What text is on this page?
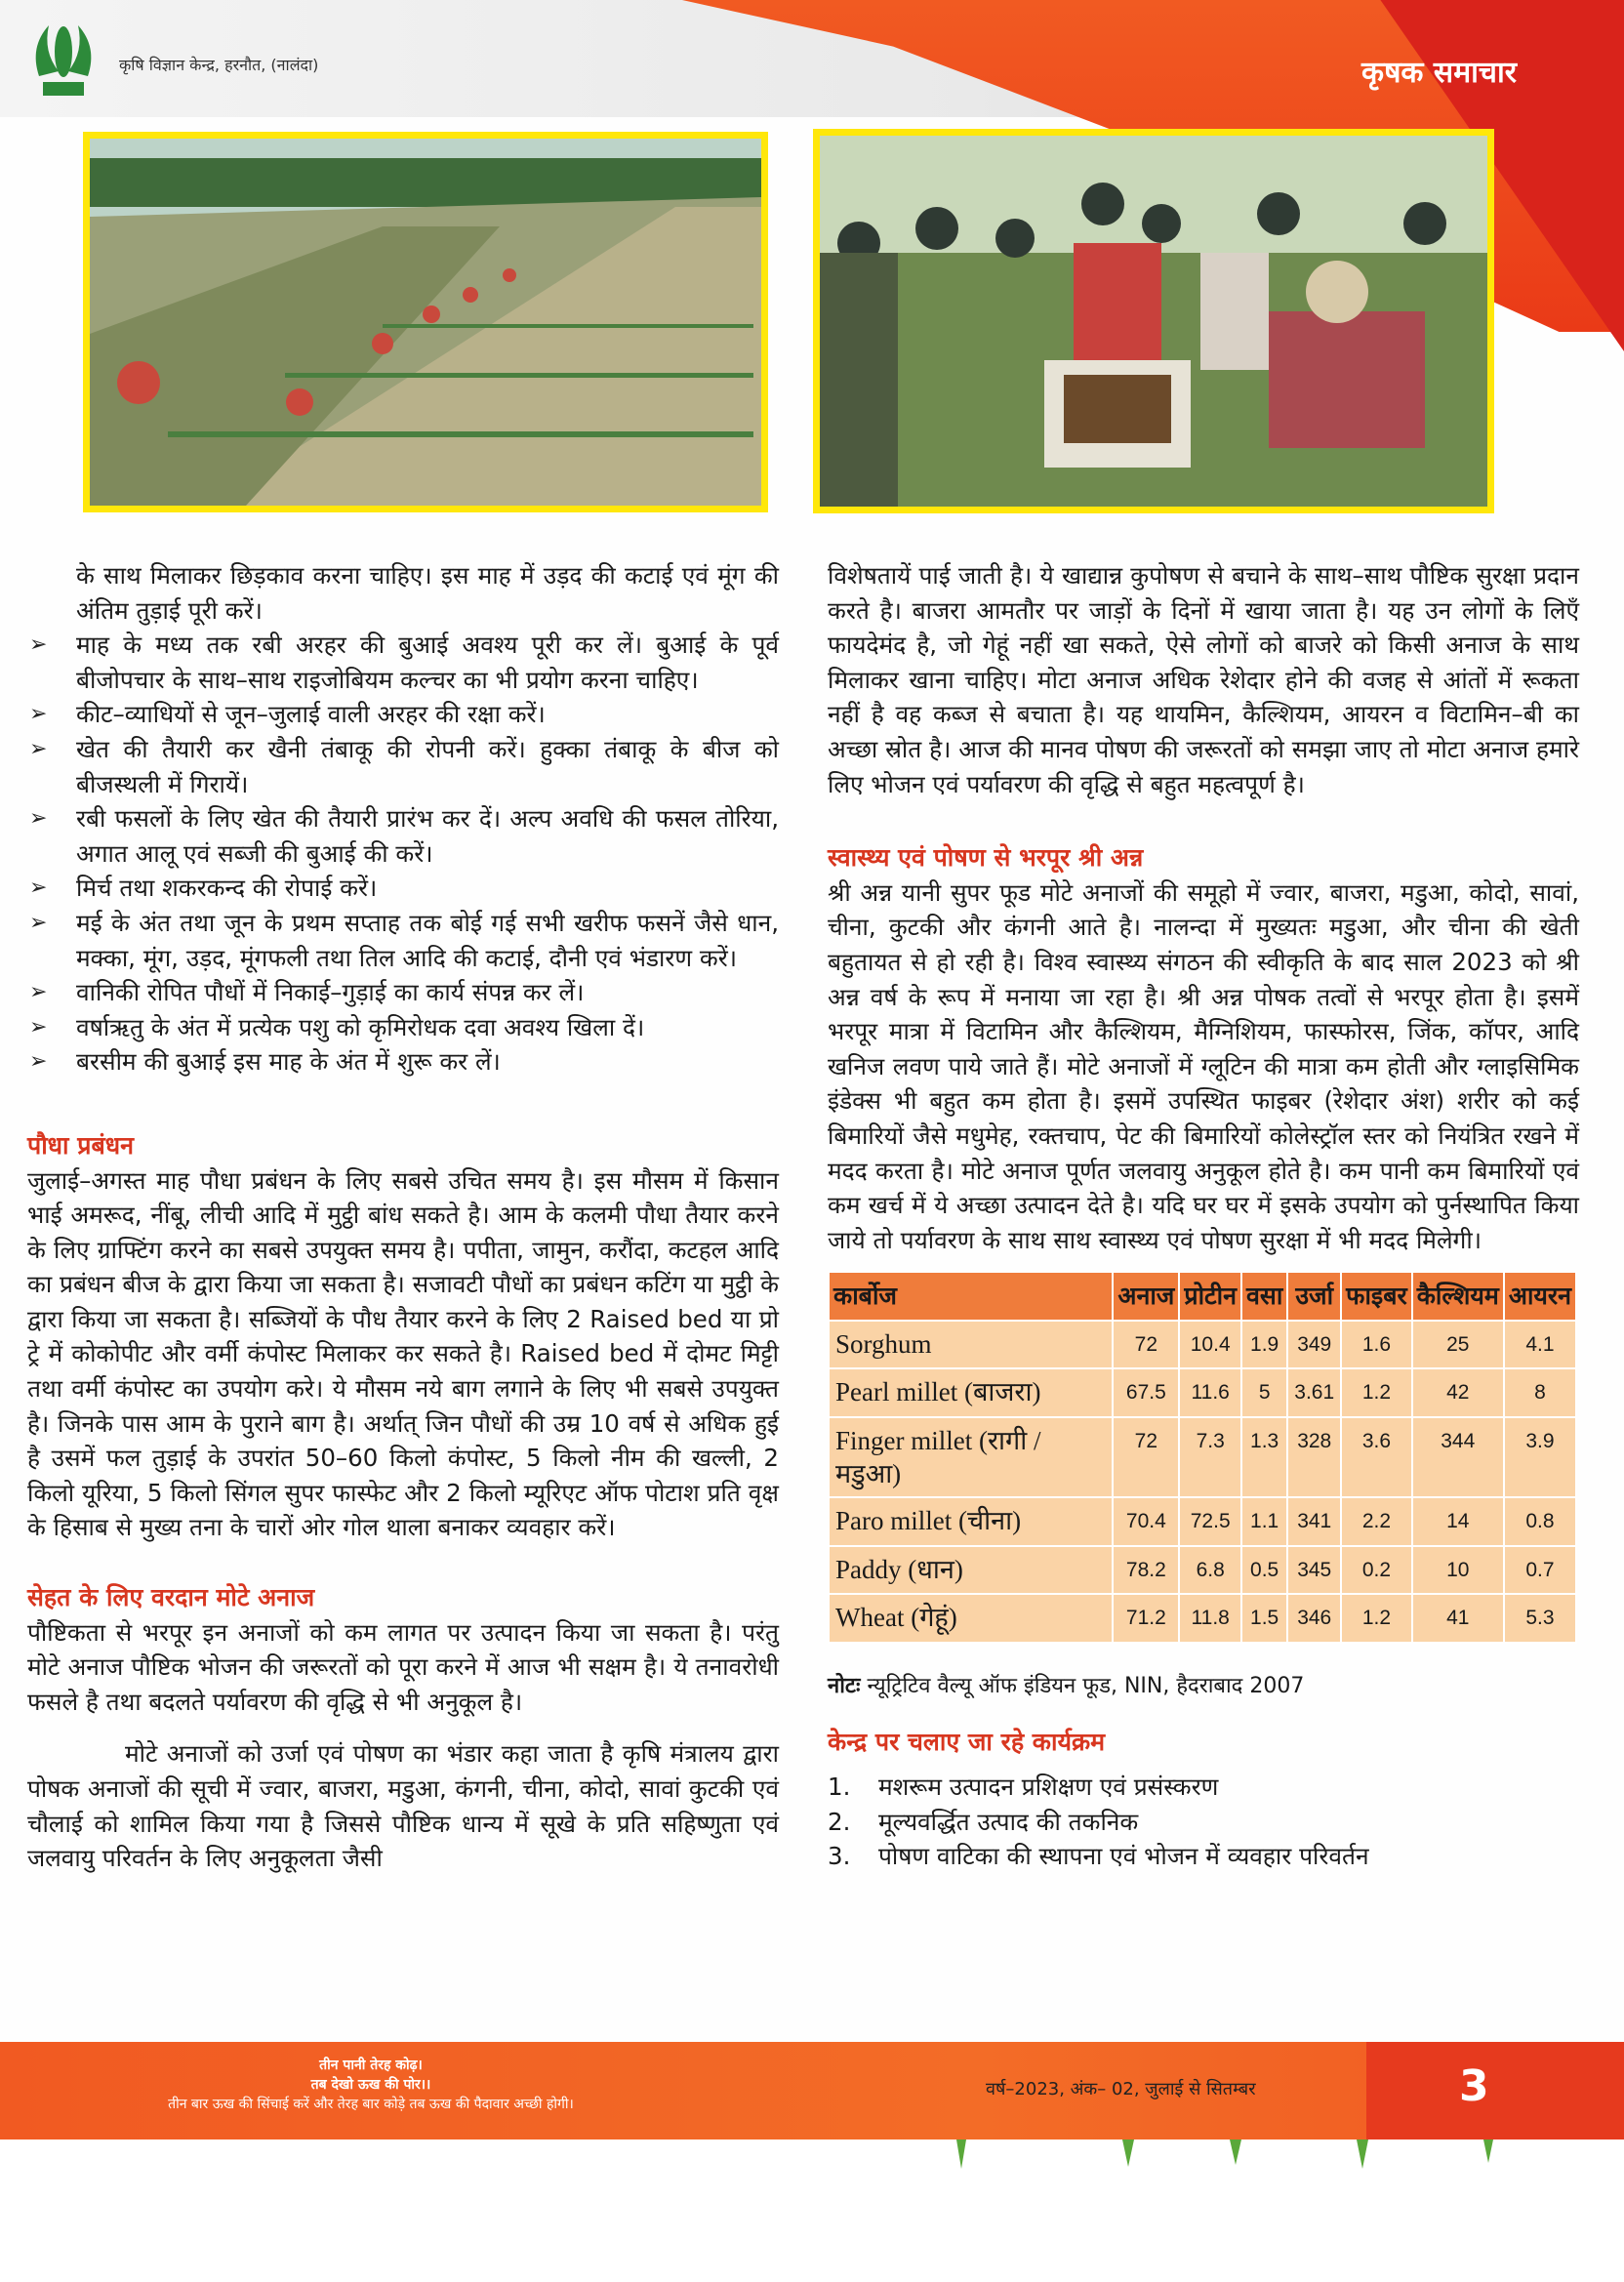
कृषि विज्ञान केन्द्र, हरनौत, (नालंदा)	कृषक समाचार

के साथ मिलाकर छिड़काव करना चाहिए। इस माह में उड़द की कटाई एवं मूंग की अंतिम तुड़ाई पूरी करें।

➢ माह के मध्य तक रबी अरहर की बुआई अवश्य पूरी कर लें। बुआई के पूर्व बीजोपचार के साथ–साथ राइजोबियम कल्चर का भी प्रयोग करना चाहिए।
➢ कीट–व्याधियों से जून–जुलाई वाली अरहर की रक्षा करें।
➢ खेत की तैयारी कर खैनी तंबाकू की रोपनी करें। हुक्का तंबाकू के बीज को बीजस्थली में गिरायें।
➢ रबी फसलों के लिए खेत की तैयारी प्रारंभ कर दें। अल्प अवधि की फसल तोरिया, अगात आलू एवं सब्जी की बुआई की करें।
➢ मिर्च तथा शकरकन्द की रोपाई करें।
➢ मई के अंत तथा जून के प्रथम सप्ताह तक बोई गई सभी खरीफ फसनें जैसे धान, मक्का, मूंग, उड़द, मूंगफली तथा तिल आदि की कटाई, दौनी एवं भंडारण करें।
➢ वानिकी रोपित पौधों में निकाई–गुड़ाई का कार्य संपन्न कर लें।
➢ वर्षाऋतु के अंत में प्रत्येक पशु को कृमिरोधक दवा अवश्य खिला दें।
➢ बरसीम की बुआई इस माह के अंत में शुरू कर लें।

पौधा प्रबंधन

जुलाई–अगस्त माह पौधा प्रबंधन के लिए सबसे उचित समय है। इस मौसम में किसान भाई अमरूद, नींबू, लीची आदि में मुट्ठी बांध सकते है। आम के कलमी पौधा तैयार करने के लिए ग्राफ्टिंग करने का सबसे उपयुक्त समय है। पपीता, जामुन, करौंदा, कटहल आदि का प्रबंधन बीज के द्वारा किया जा सकता है। सजावटी पौधों का प्रबंधन कटिंग या मुट्ठी के द्वारा किया जा सकता है। सब्जियों के पौध तैयार करने के लिए 2 Raised bed या प्रो ट्रे में कोकोपीट और वर्मी कंपोस्ट मिलाकर कर सकते है। Raised bed में दोमट मिट्टी तथा वर्मी कंपोस्ट का उपयोग करे। ये मौसम नये बाग लगाने के लिए भी सबसे उपयुक्त है। जिनके पास आम के पुराने बाग है। अर्थात् जिन पौधों की उम्र 10 वर्ष से अधिक हुई है उसमें फल तुड़ाई के उपरांत 50–60 किलो कंपोस्ट, 5 किलो नीम की खल्ली, 2 किलो यूरिया, 5 किलो सिंगल सुपर फास्फेट और 2 किलो म्यूरिएट ऑफ पोटाश प्रति वृक्ष के हिसाब से मुख्य तना के चारों ओर गोल थाला बनाकर व्यवहार करें।

सेहत के लिए वरदान मोटे अनाज

पौष्टिकता से भरपूर इन अनाजों को कम लागत पर उत्पादन किया जा सकता है। परंतु मोटे अनाज पौष्टिक भोजन की जरूरतों को पूरा करने में आज भी सक्षम है। ये तनावरोधी फसले है तथा बदलते पर्यावरण की वृद्धि से भी अनुकूल है।

मोटे अनाजों को उर्जा एवं पोषण का भंडार कहा जाता है कृषि मंत्रालय द्वारा पोषक अनाजों की सूची में ज्वार, बाजरा, मडुआ, कंगनी, चीना, कोदो, सावां कुटकी एवं चौलाई को शामिल किया गया है जिससे पौष्टिक धान्य में सूखे के प्रति सहिष्णुता एवं जलवायु परिवर्तन के लिए अनुकूलता जैसी

विशेषतायें पाई जाती है। ये खाद्यान्न कुपोषण से बचाने के साथ–साथ पौष्टिक सुरक्षा प्रदान करते है। बाजरा आमतौर पर जाड़ों के दिनों में खाया जाता है। यह उन लोगों के लिएँ फायदेमंद है, जो गेहूं नहीं खा सकते, ऐसे लोगों को बाजरे को किसी अनाज के साथ मिलाकर खाना चाहिए। मोटा अनाज अधिक रेशेदार होने की वजह से आंतों में रूकता नहीं है वह कब्ज से बचाता है। यह थायमिन, कैल्शियम, आयरन व विटामिन–बी का अच्छा स्रोत है। आज की मानव पोषण की जरूरतों को समझा जाए तो मोटा अनाज हमारे लिए भोजन एवं पर्यावरण की वृद्धि से बहुत महत्वपूर्ण है।

स्वास्थ्य एवं पोषण से भरपूर श्री अन्न

श्री अन्न यानी सुपर फूड मोटे अनाजों की समूहो में ज्वार, बाजरा, मडुआ, कोदो, सावां, चीना, कुटकी और कंगनी आते है। नालन्दा में मुख्यतः मडुआ, और चीना की खेती बहुतायत से हो रही है। विश्व स्वास्थ्य संगठन की स्वीकृति के बाद साल 2023 को श्री अन्न वर्ष के रूप में मनाया जा रहा है। श्री अन्न पोषक तत्वों से भरपूर होता है। इसमें भरपूर मात्रा में विटामिन और कैल्शियम, मैग्निशियम, फास्फोरस, जिंक, कॉपर, आदि खनिज लवण पाये जाते हैं। मोटे अनाजों में ग्लूटिन की मात्रा कम होती और ग्लाइसिमिक इंडेक्स भी बहुत कम होता है। इसमें उपस्थित फाइबर (रेशेदार अंश) शरीर को कई बिमारियों जैसे मधुमेह, रक्तचाप, पेट की बिमारियों कोलेस्ट्रॉल स्तर को नियंत्रित रखने में मदद करता है। मोटे अनाज पूर्णत जलवायु अनुकूल होते है। कम पानी कम बिमारियों एवं कम खर्च में ये अच्छा उत्पादन देते है। यदि घर घर में इसके उपयोग को पुर्नस्थापित किया जाये तो पर्यावरण के साथ साथ स्वास्थ्य एवं पोषण सुरक्षा में भी मदद मिलेगी।

कार्बोज	अनाज	प्रोटीन	वसा	उर्जा	फाइबर	कैल्शियम	आयरन
Sorghum	72	10.4	1.9	349	1.6	25	4.1
Pearl millet (बाजरा)	67.5	11.6	5	3.61	1.2	42	8
Finger millet (रागी / मडुआ)	72	7.3	1.3	328	3.6	344	3.9
Paro millet (चीना)	70.4	72.5	1.1	341	2.2	14	0.8
Paddy (धान)	78.2	6.8	0.5	345	0.2	10	0.7
Wheat (गेहूं)	71.2	11.8	1.5	346	1.2	41	5.3
नोटः न्यूट्रिटिव वैल्यू ऑफ इंडियन फूड, NIN, हैदराबाद 2007

केन्द्र पर चलाए जा रहे कार्यक्रम

1. मशरूम उत्पादन प्रशिक्षण एवं प्रसंस्करण
2. मूल्यवर्द्धित उत्पाद की तकनिक
3. पोषण वाटिका की स्थापना एवं भोजन में व्यवहार परिवर्तन
तीन पानी तेरह कोढ़।
तब देखो ऊख की पोर।।
तीन बार ऊख की सिंचाई करें और तेरह बार कोड़े तब ऊख की पैदावार अच्छी होगी।
वर्ष–2023, अंक– 02, जुलाई से सितम्बर	3
